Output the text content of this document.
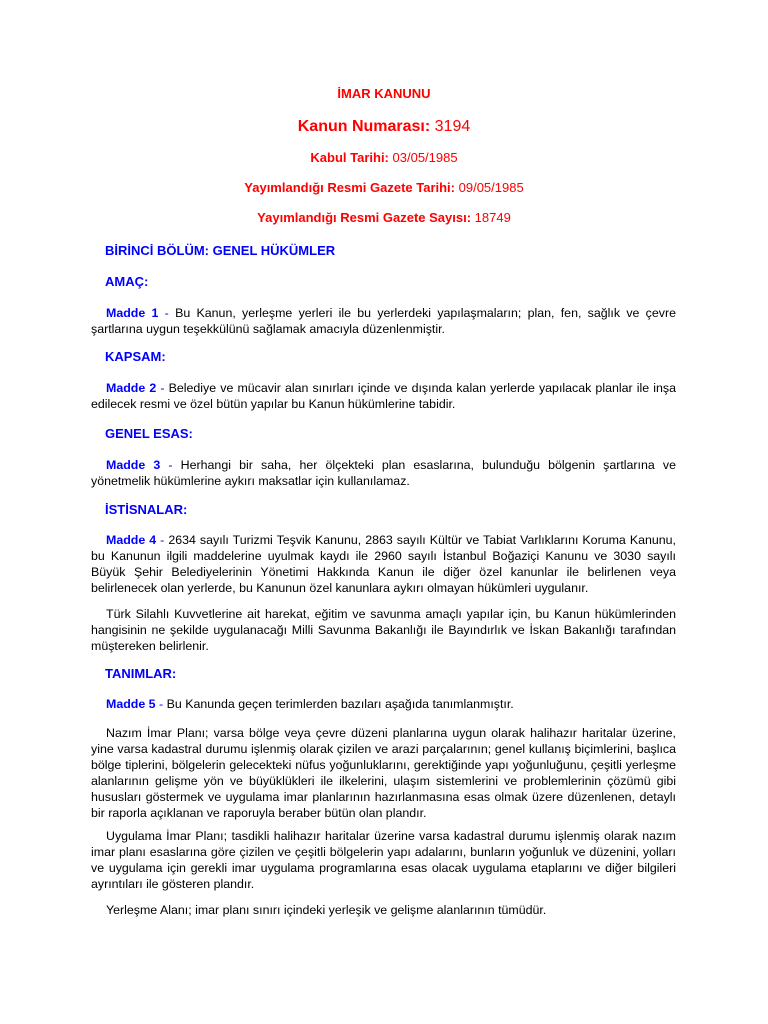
İMAR KANUNU
Kanun Numarası: 3194
Kabul Tarihi: 03/05/1985
Yayımlandığı Resmi Gazete Tarihi: 09/05/1985
Yayımlandığı Resmi Gazete Sayısı: 18749
BİRİNCİ BÖLÜM: GENEL HÜKÜMLER
AMAÇ:
Madde 1 - Bu Kanun, yerleşme yerleri ile bu yerlerdeki yapılaşmaların; plan, fen, sağlık ve çevre şartlarına uygun teşekkülünü sağlamak amacıyla düzenlenmiştir.
KAPSAM:
Madde 2 - Belediye ve mücavir alan sınırları içinde ve dışında kalan yerlerde yapılacak planlar ile inşa edilecek resmi ve özel bütün yapılar bu Kanun hükümlerine tabidir.
GENEL ESAS:
Madde 3 - Herhangi bir saha, her ölçekteki plan esaslarına, bulunduğu bölgenin şartlarına ve yönetmelik hükümlerine aykırı maksatlar için kullanılamaz.
İSTİSNALAR:
Madde 4 - 2634 sayılı Turizmi Teşvik Kanunu, 2863 sayılı Kültür ve Tabiat Varlıklarını Koruma Kanunu, bu Kanunun ilgili maddelerine uyulmak kaydı ile 2960 sayılı İstanbul Boğaziçi Kanunu ve 3030 sayılı Büyük Şehir Belediyelerinin Yönetimi Hakkında Kanun ile diğer özel kanunlar ile belirlenen veya belirlenecek olan yerlerde, bu Kanunun özel kanunlara aykırı olmayan hükümleri uygulanır.
Türk Silahlı Kuvvetlerine ait harekat, eğitim ve savunma amaçlı yapılar için, bu Kanun hükümlerinden hangisinin ne şekilde uygulanacağı Milli Savunma Bakanlığı ile Bayındırlık ve İskan Bakanlığı tarafından müştereken belirlenir.
TANIMLAR:
Madde 5 - Bu Kanunda geçen terimlerden bazıları aşağıda tanımlanmıştır.
Nazım İmar Planı; varsa bölge veya çevre düzeni planlarına uygun olarak halihazır haritalar üzerine, yine varsa kadastral durumu işlenmiş olarak çizilen ve arazi parçalarının; genel kullanış biçimlerini, başlıca bölge tiplerini, bölgelerin gelecekteki nüfus yoğunluklarını, gerektiğinde yapı yoğunluğunu, çeşitli yerleşme alanlarının gelişme yön ve büyüklükleri ile ilkelerini, ulaşım sistemlerini ve problemlerinin çözümü gibi hususları göstermek ve uygulama imar planlarının hazırlanmasına esas olmak üzere düzenlenen, detaylı bir raporla açıklanan ve raporuyla beraber bütün olan plandır.
Uygulama İmar Planı; tasdikli halihazır haritalar üzerine varsa kadastral durumu işlenmiş olarak nazım imar planı esaslarına göre çizilen ve çeşitli bölgelerin yapı adalarını, bunların yoğunluk ve düzenini, yolları ve uygulama için gerekli imar uygulama programlarına esas olacak uygulama etaplarını ve diğer bilgileri ayrıntıları ile gösteren plandır.
Yerleşme Alanı; imar planı sınırı içindeki yerleşik ve gelişme alanlarının tümüdür.
